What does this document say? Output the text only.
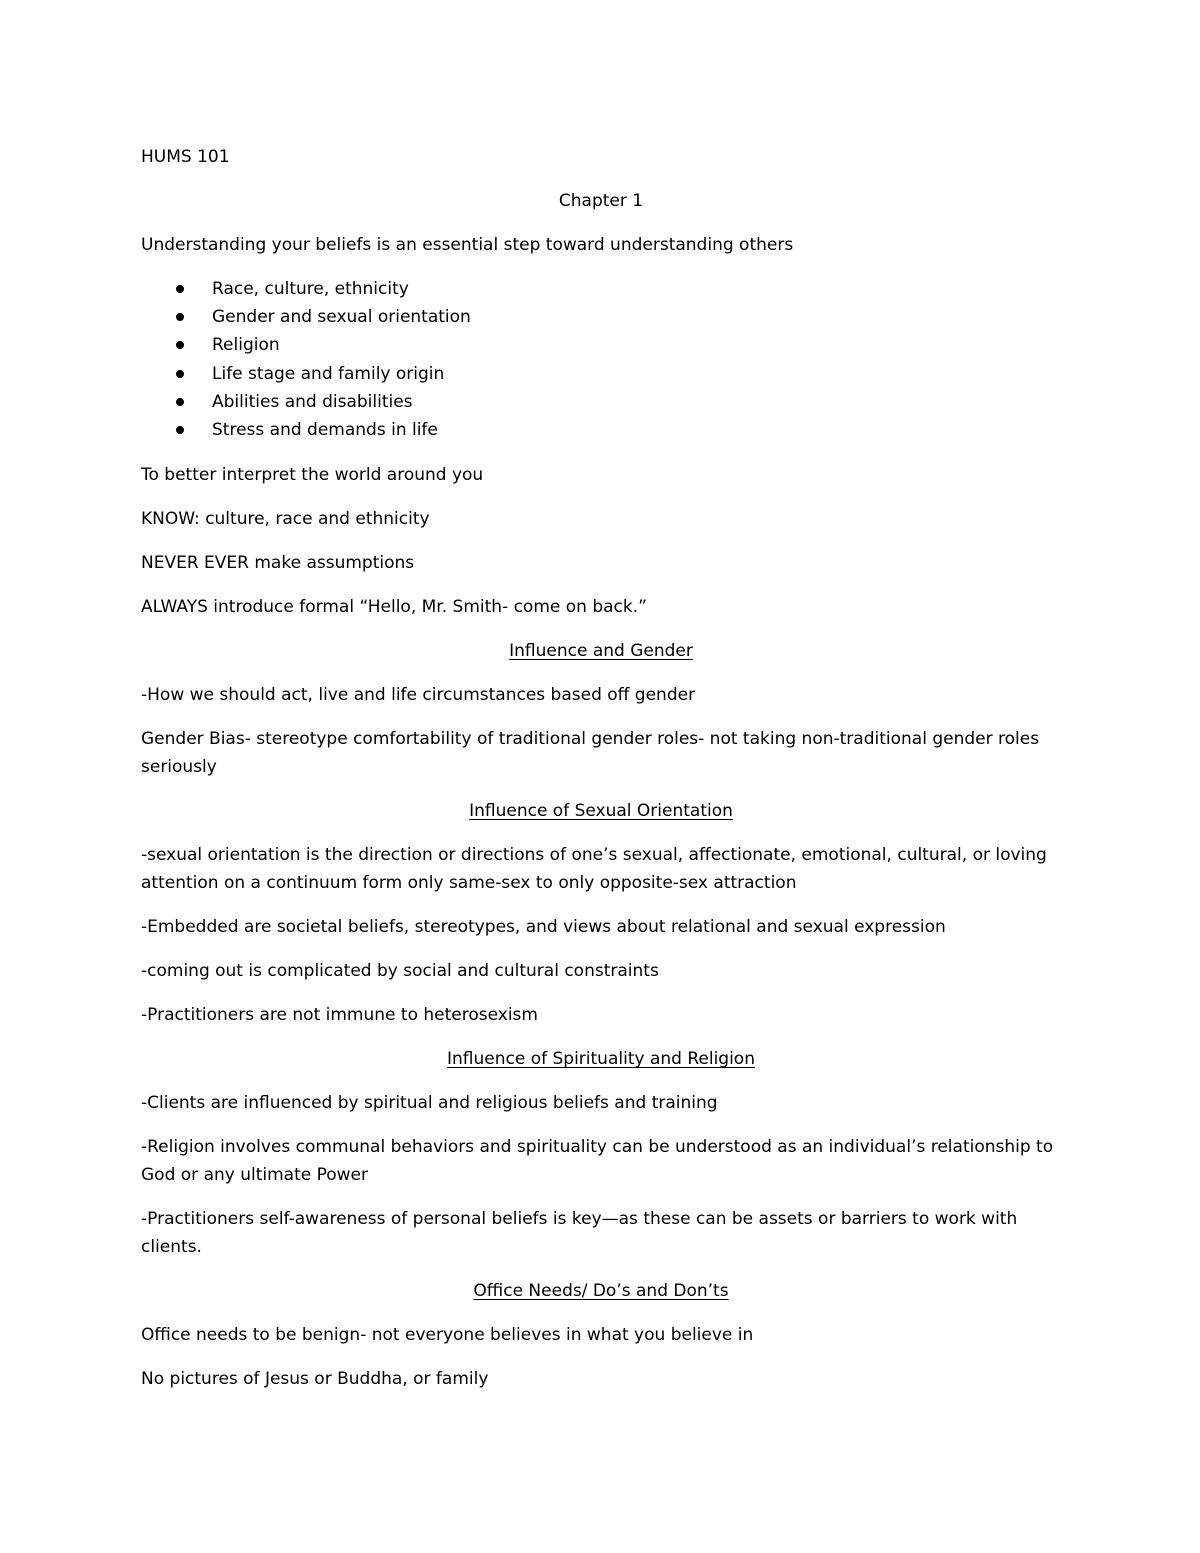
HUMS 101

Chapter 1

Understanding your beliefs is an essential step toward understanding others

Race, culture, ethnicity
Gender and sexual orientation
Religion
Life stage and family origin
Abilities and disabilities
Stress and demands in life

To better interpret the world around you

KNOW: culture, race and ethnicity

NEVER EVER make assumptions

ALWAYS introduce formal “Hello, Mr. Smith- come on back.”

Influence and Gender

-How we should act, live and life circumstances based off gender

Gender Bias- stereotype comfortability of traditional gender roles- not taking non-traditional gender roles seriously

Influence of Sexual Orientation

-sexual orientation is the direction or directions of one’s sexual, affectionate, emotional, cultural, or loving attention on a continuum form only same-sex to only opposite-sex attraction

-Embedded are societal beliefs, stereotypes, and views about relational and sexual expression

-coming out is complicated by social and cultural constraints

-Practitioners are not immune to heterosexism

Influence of Spirituality and Religion

-Clients are influenced by spiritual and religious beliefs and training

-Religion involves communal behaviors and spirituality can be understood as an individual’s relationship to God or any ultimate Power

-Practitioners self-awareness of personal beliefs is key—as these can be assets or barriers to work with clients.

Office Needs/ Do’s and Don’ts

Office needs to be benign- not everyone believes in what you believe in

No pictures of Jesus or Buddha, or family
